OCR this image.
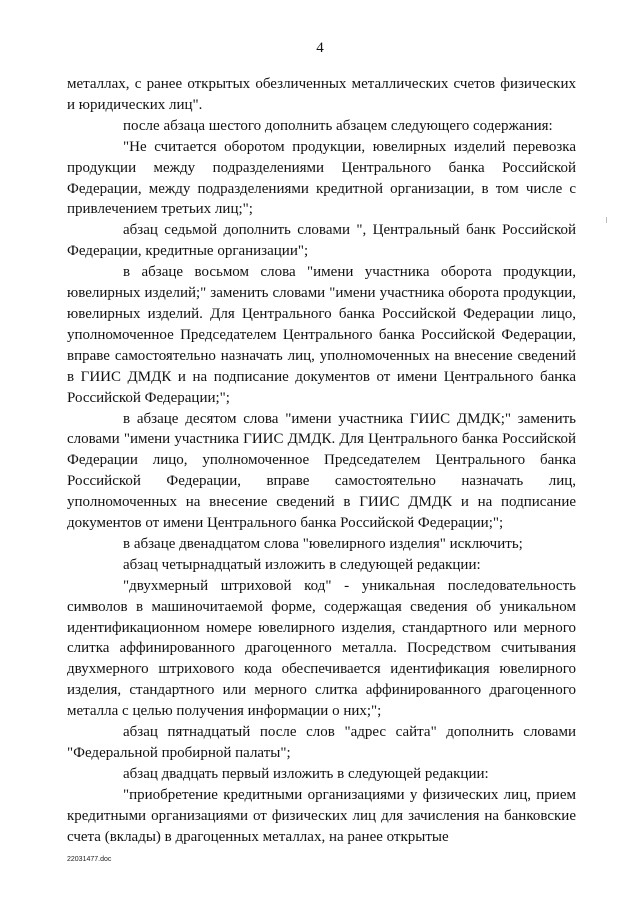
4

металлах, с ранее открытых обезличенных металлических счетов физических и юридических лиц".

после абзаца шестого дополнить абзацем следующего содержания:

"Не считается оборотом продукции, ювелирных изделий перевозка продукции между подразделениями Центрального банка Российской Федерации, между подразделениями кредитной организации, в том числе с привлечением третьих лиц;";

абзац седьмой дополнить словами ", Центральный банк Российской Федерации, кредитные организации";

в абзаце восьмом слова "имени участника оборота продукции, ювелирных изделий;" заменить словами "имени участника оборота продукции, ювелирных изделий. Для Центрального банка Российской Федерации лицо, уполномоченное Председателем Центрального банка Российской Федерации, вправе самостоятельно назначать лиц, уполномоченных на внесение сведений в ГИИС ДМДК и на подписание документов от имени Центрального банка Российской Федерации;";

в абзаце десятом слова "имени участника ГИИС ДМДК;" заменить словами "имени участника ГИИС ДМДК. Для Центрального банка Российской Федерации лицо, уполномоченное Председателем Центрального банка Российской Федерации, вправе самостоятельно назначать лиц, уполномоченных на внесение сведений в ГИИС ДМДК и на подписание документов от имени Центрального банка Российской Федерации;";

в абзаце двенадцатом слова "ювелирного изделия" исключить;

абзац четырнадцатый изложить в следующей редакции:

"двухмерный штриховой код" - уникальная последовательность символов в машиночитаемой форме, содержащая сведения об уникальном идентификационном номере ювелирного изделия, стандартного или мерного слитка аффинированного драгоценного металла. Посредством считывания двухмерного штрихового кода обеспечивается идентификация ювелирного изделия, стандартного или мерного слитка аффинированного драгоценного металла с целью получения информации о них;";

абзац пятнадцатый после слов "адрес сайта" дополнить словами "Федеральной пробирной палаты";

абзац двадцать первый изложить в следующей редакции:

"приобретение кредитными организациями у физических лиц, прием кредитными организациями от физических лиц для зачисления на банковские счета (вклады) в драгоценных металлах, на ранее открытые

22031477.doc
